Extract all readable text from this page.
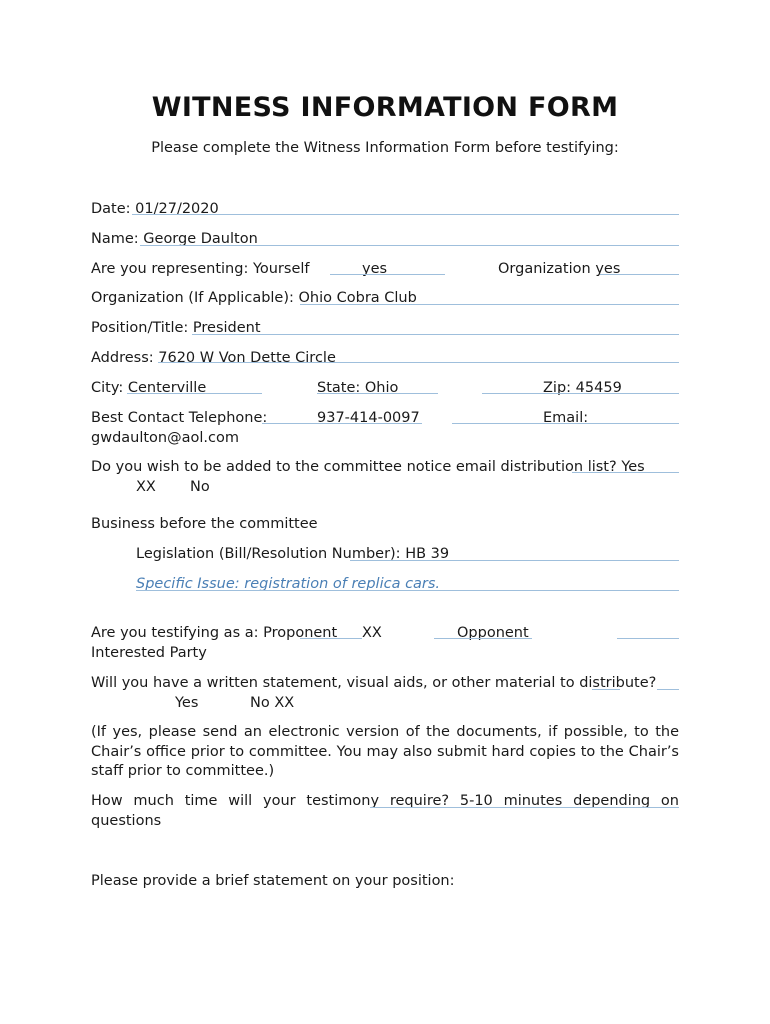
WITNESS INFORMATION FORM
Please complete the Witness Information Form before testifying:
Date: 01/27/2020
Name: George Daulton
Are you representing: Yourself	yes	Organization yes
Organization (If Applicable): Ohio Cobra Club
Position/Title: President
Address: 7620 W Von Dette Circle
City: Centerville	State: Ohio	Zip: 45459
Best Contact Telephone:	937-414-0097	Email:
gwdaulton@aol.com
Do you wish to be added to the committee notice email distribution list? Yes
XX No
Business before the committee
Legislation (Bill/Resolution Number): HB 39
Specific Issue: registration of replica cars.
Are you testifying as a: Proponent XX	Opponent
Interested Party
Will you have a written statement, visual aids, or other material to distribute?
Yes	No XX
(If yes, please send an electronic version of the documents, if possible, to the Chair’s office prior to committee. You may also submit hard copies to the Chair’s staff prior to committee.)
How much time will your testimony require? 5-10 minutes depending on questions
Please provide a brief statement on your position:
